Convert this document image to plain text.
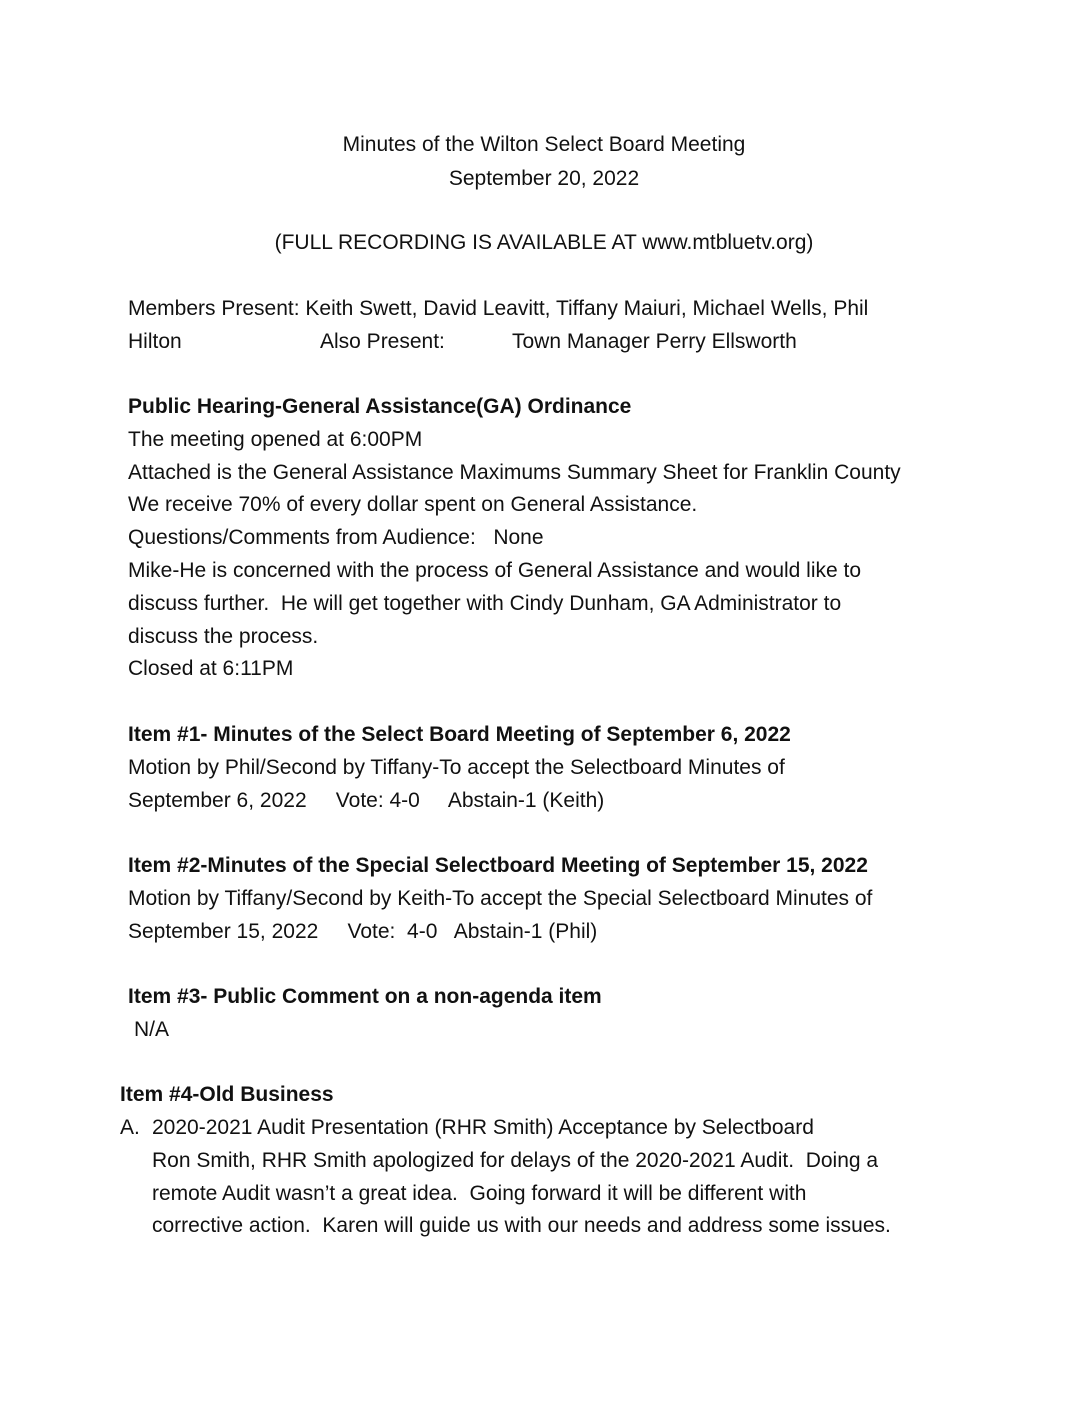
Minutes of the Wilton Select Board Meeting
September 20, 2022
(FULL RECORDING IS AVAILABLE AT www.mtbluetv.org)
Members Present: Keith Swett, David Leavitt, Tiffany Maiuri, Michael Wells, Phil
Hilton	Also Present:	Town Manager Perry Ellsworth
Public Hearing-General Assistance(GA) Ordinance
The meeting opened at 6:00PM
Attached is the General Assistance Maximums Summary Sheet for Franklin County
We receive 70% of every dollar spent on General Assistance.
Questions/Comments from Audience:   None
Mike-He is concerned with the process of General Assistance and would like to
discuss further.  He will get together with Cindy Dunham, GA Administrator to
discuss the process.
Closed at 6:11PM
Item #1- Minutes of the Select Board Meeting of September 6, 2022
Motion by Phil/Second by Tiffany-To accept the Selectboard Minutes of
September 6, 2022     Vote: 4-0     Abstain-1 (Keith)
Item #2-Minutes of the Special Selectboard Meeting of September 15, 2022
Motion by Tiffany/Second by Keith-To accept the Special Selectboard Minutes of
September 15, 2022     Vote:  4-0   Abstain-1 (Phil)
Item #3- Public Comment on a non-agenda item
N/A
Item #4-Old Business
A. 2020-2021 Audit Presentation (RHR Smith) Acceptance by Selectboard
Ron Smith, RHR Smith apologized for delays of the 2020-2021 Audit.  Doing a
remote Audit wasn’t a great idea.  Going forward it will be different with
corrective action.  Karen will guide us with our needs and address some issues.
